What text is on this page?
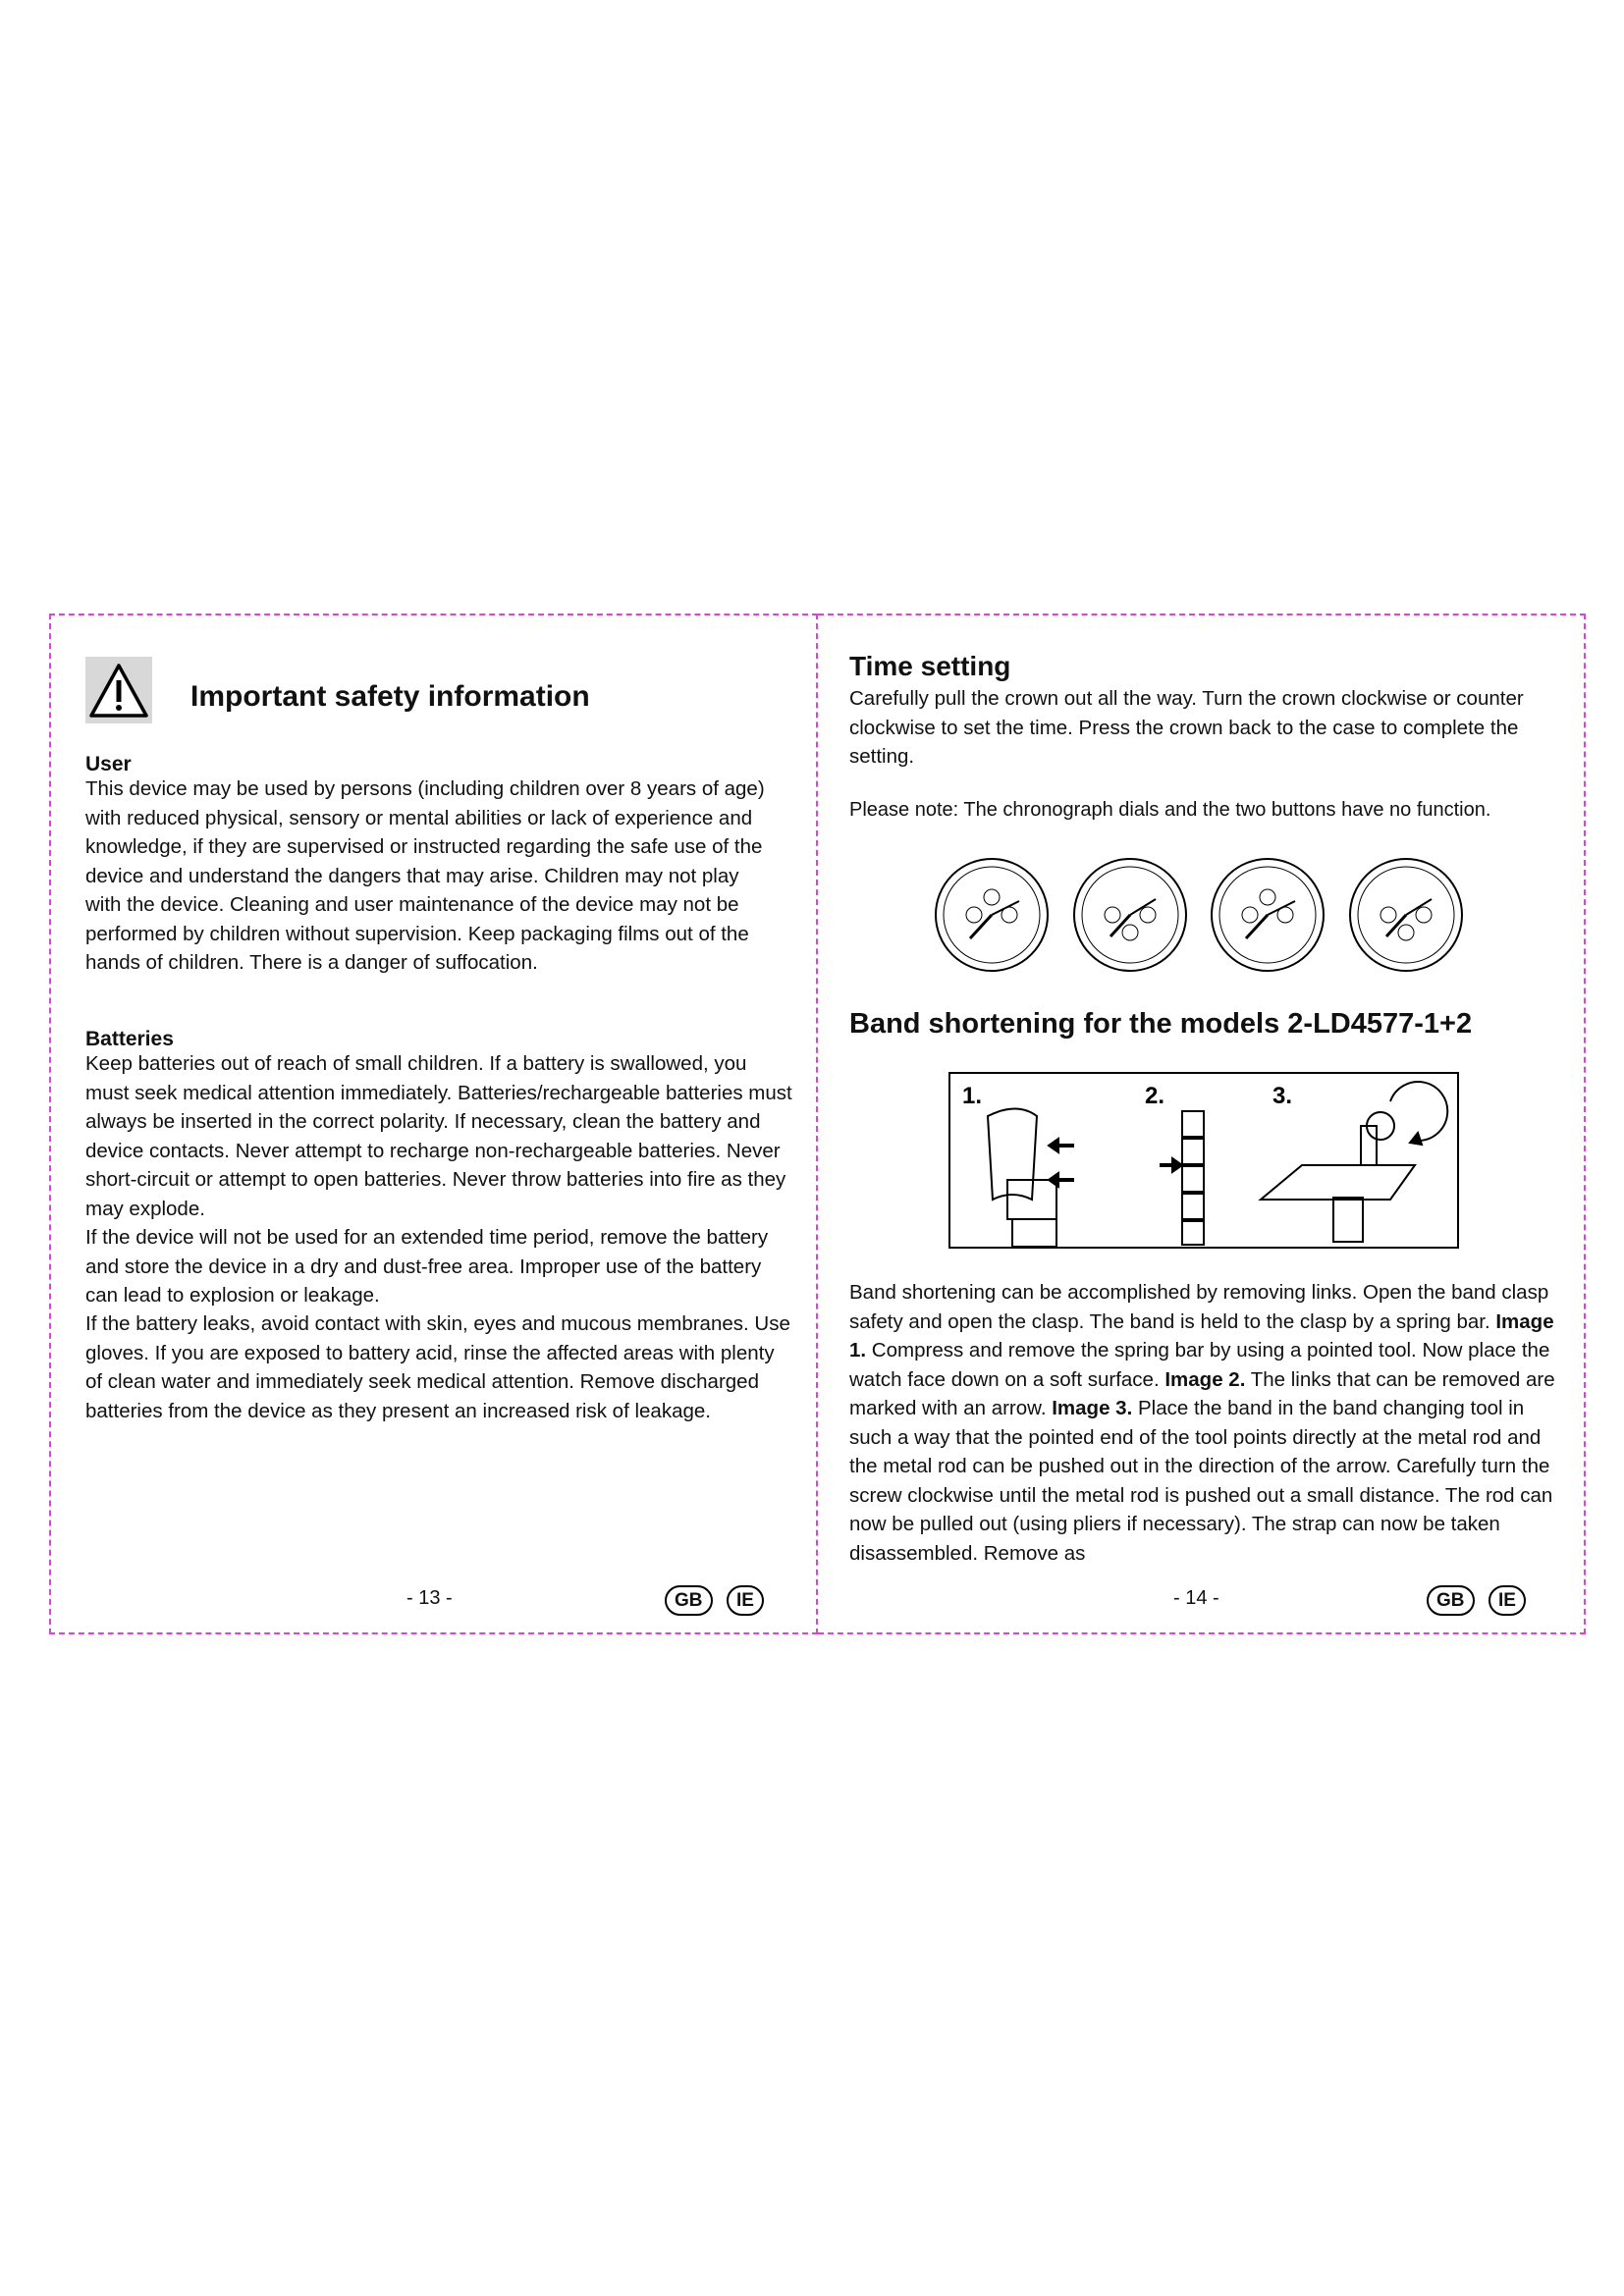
Important safety information
User

This device may be used by persons (including children over 8 years of age) with reduced physical, sensory or mental abilities or lack of experience and knowledge, if they are supervised or instructed regarding the safe use of the device and understand the dangers that may arise. Children may not play with the device. Cleaning and user maintenance of the device may not be performed by children without supervision. Keep packaging films out of the hands of children. There is a danger of suffocation.

Batteries

Keep batteries out of reach of small children. If a battery is swallowed, you must seek medical attention immediately. Batteries/rechargeable batteries must always be inserted in the correct polarity. If necessary, clean the battery and device contacts. Never attempt to recharge non-rechargeable batteries. Never short-circuit or attempt to open batteries. Never throw batteries into fire as they may explode.

If the device will not be used for an extended time period, remove the battery and store the device in a dry and dust-free area. Improper use of the battery can lead to explosion or leakage.

If the battery leaks, avoid contact with skin, eyes and mucous membranes. Use gloves. If you are exposed to battery acid, rinse the affected areas with plenty of clean water and immediately seek medical attention. Remove discharged batteries from the device as they present an increased risk of leakage.

- 13 -	GB	IE
Time setting

Carefully pull the crown out all the way. Turn the crown clockwise or counter clockwise to set the time. Press the crown back to the case to complete the setting.

Please note: The chronograph dials and the two buttons have no function.
Band shortening for the models 2-LD4577-1+2
1.	2.	3.

Band shortening can be accomplished by removing links. Open the band clasp safety and open the clasp. The band is held to the clasp by a spring bar. Image 1. Compress and remove the spring bar by using a pointed tool. Now place the watch face down on a soft surface. Image 2. The links that can be removed are marked with an arrow. Image 3. Place the band in the band changing tool in such a way that the pointed end of the tool points directly at the metal rod and the metal rod can be pushed out in the direction of the arrow. Carefully turn the screw clockwise until the metal rod is pushed out a small distance. The rod can now be pulled out (using pliers if necessary). The strap can now be taken disassembled. Remove as

- 14 -	GB	IE
